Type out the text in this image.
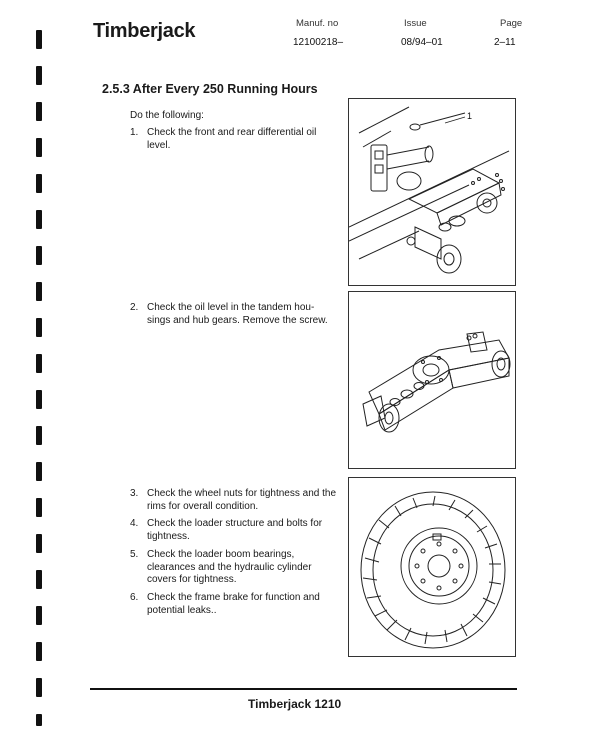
Timberjack	Manuf. no
12100218–
Issue
08/94–01
Page
2–11
2.5.3 After Every 250 Running Hours
Do the following:
1. Check the front and rear differential oil level.
2. Check the oil level in the tandem hou-sings and hub gears. Remove the screw.
3. Check the wheel nuts for tightness and the rims for overall condition.
4. Check the loader structure and bolts for tightness.
5. Check the loader boom bearings, clearances and the hydraulic cylinder covers for tightness.
6. Check the frame brake for function and potential leaks..
1
Timberjack 1210
